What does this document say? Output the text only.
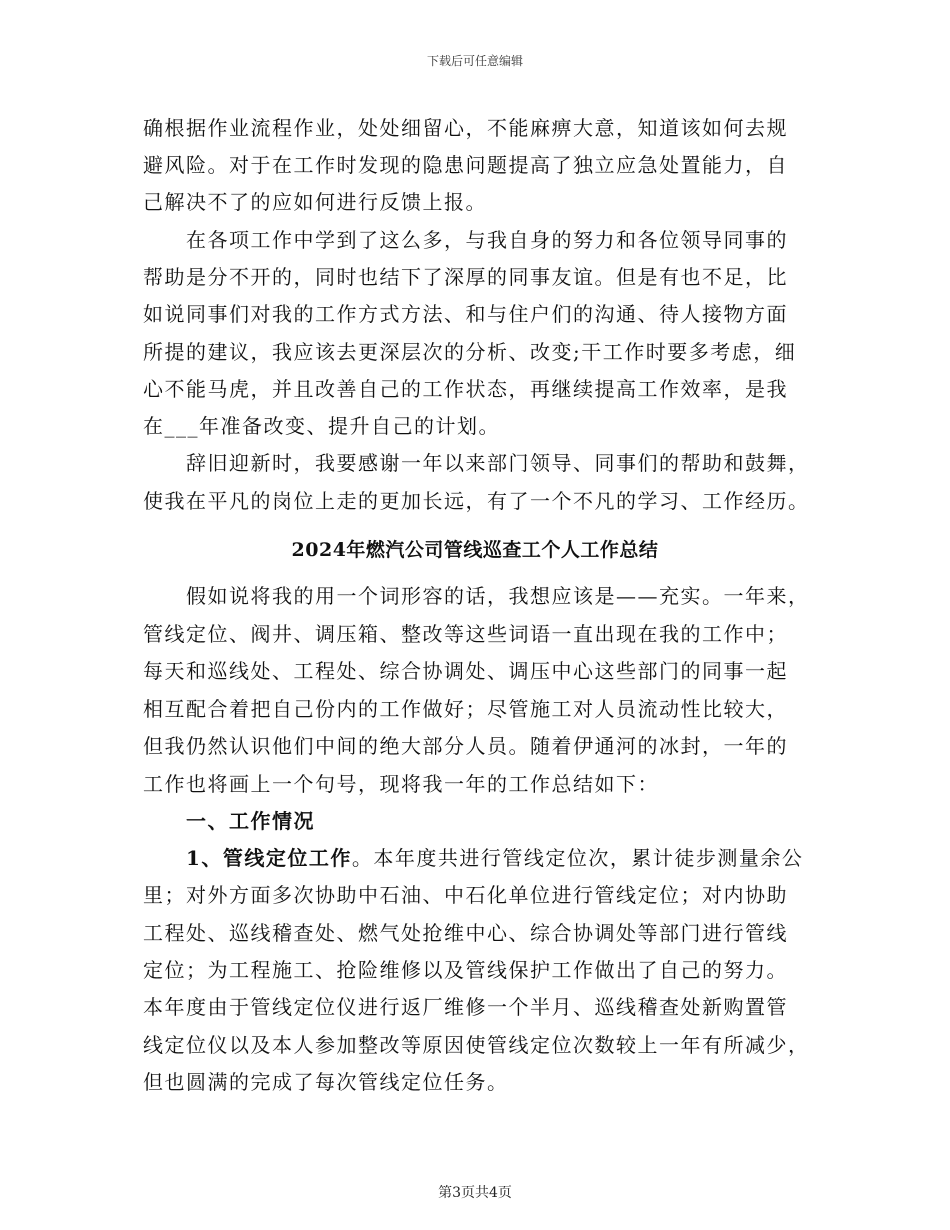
下载后可任意编辑
确根据作业流程作业，处处细留心，不能麻痹大意，知道该如何去规
避风险。对于在工作时发现的隐患问题提高了独立应急处置能力，自
己解决不了的应如何进行反馈上报。
在各项工作中学到了这么多，与我自身的努力和各位领导同事的
帮助是分不开的，同时也结下了深厚的同事友谊。但是有也不足，比
如说同事们对我的工作方式方法、和与住户们的沟通、待人接物方面
所提的建议，我应该去更深层次的分析、改变;干工作时要多考虑，细
心不能马虎，并且改善自己的工作状态，再继续提高工作效率，是我
在___年准备改变、提升自己的计划。
辞旧迎新时，我要感谢一年以来部门领导、同事们的帮助和鼓舞，
使我在平凡的岗位上走的更加长远，有了一个不凡的学习、工作经历。
2024年燃汽公司管线巡查工个人工作总结
假如说将我的用一个词形容的话，我想应该是——充实。一年来，
管线定位、阀井、调压箱、整改等这些词语一直出现在我的工作中；
每天和巡线处、工程处、综合协调处、调压中心这些部门的同事一起
相互配合着把自己份内的工作做好；尽管施工对人员流动性比较大，
但我仍然认识他们中间的绝大部分人员。随着伊通河的冰封，一年的
工作也将画上一个句号，现将我一年的工作总结如下：
一、工作情况
1、管线定位工作。本年度共进行管线定位次，累计徒步测量余公
里；对外方面多次协助中石油、中石化单位进行管线定位；对内协助
工程处、巡线稽查处、燃气处抢维中心、综合协调处等部门进行管线
定位；为工程施工、抢险维修以及管线保护工作做出了自己的努力。
本年度由于管线定位仪进行返厂维修一个半月、巡线稽查处新购置管
线定位仪以及本人参加整改等原因使管线定位次数较上一年有所减少，
但也圆满的完成了每次管线定位任务。
第3页共4页
